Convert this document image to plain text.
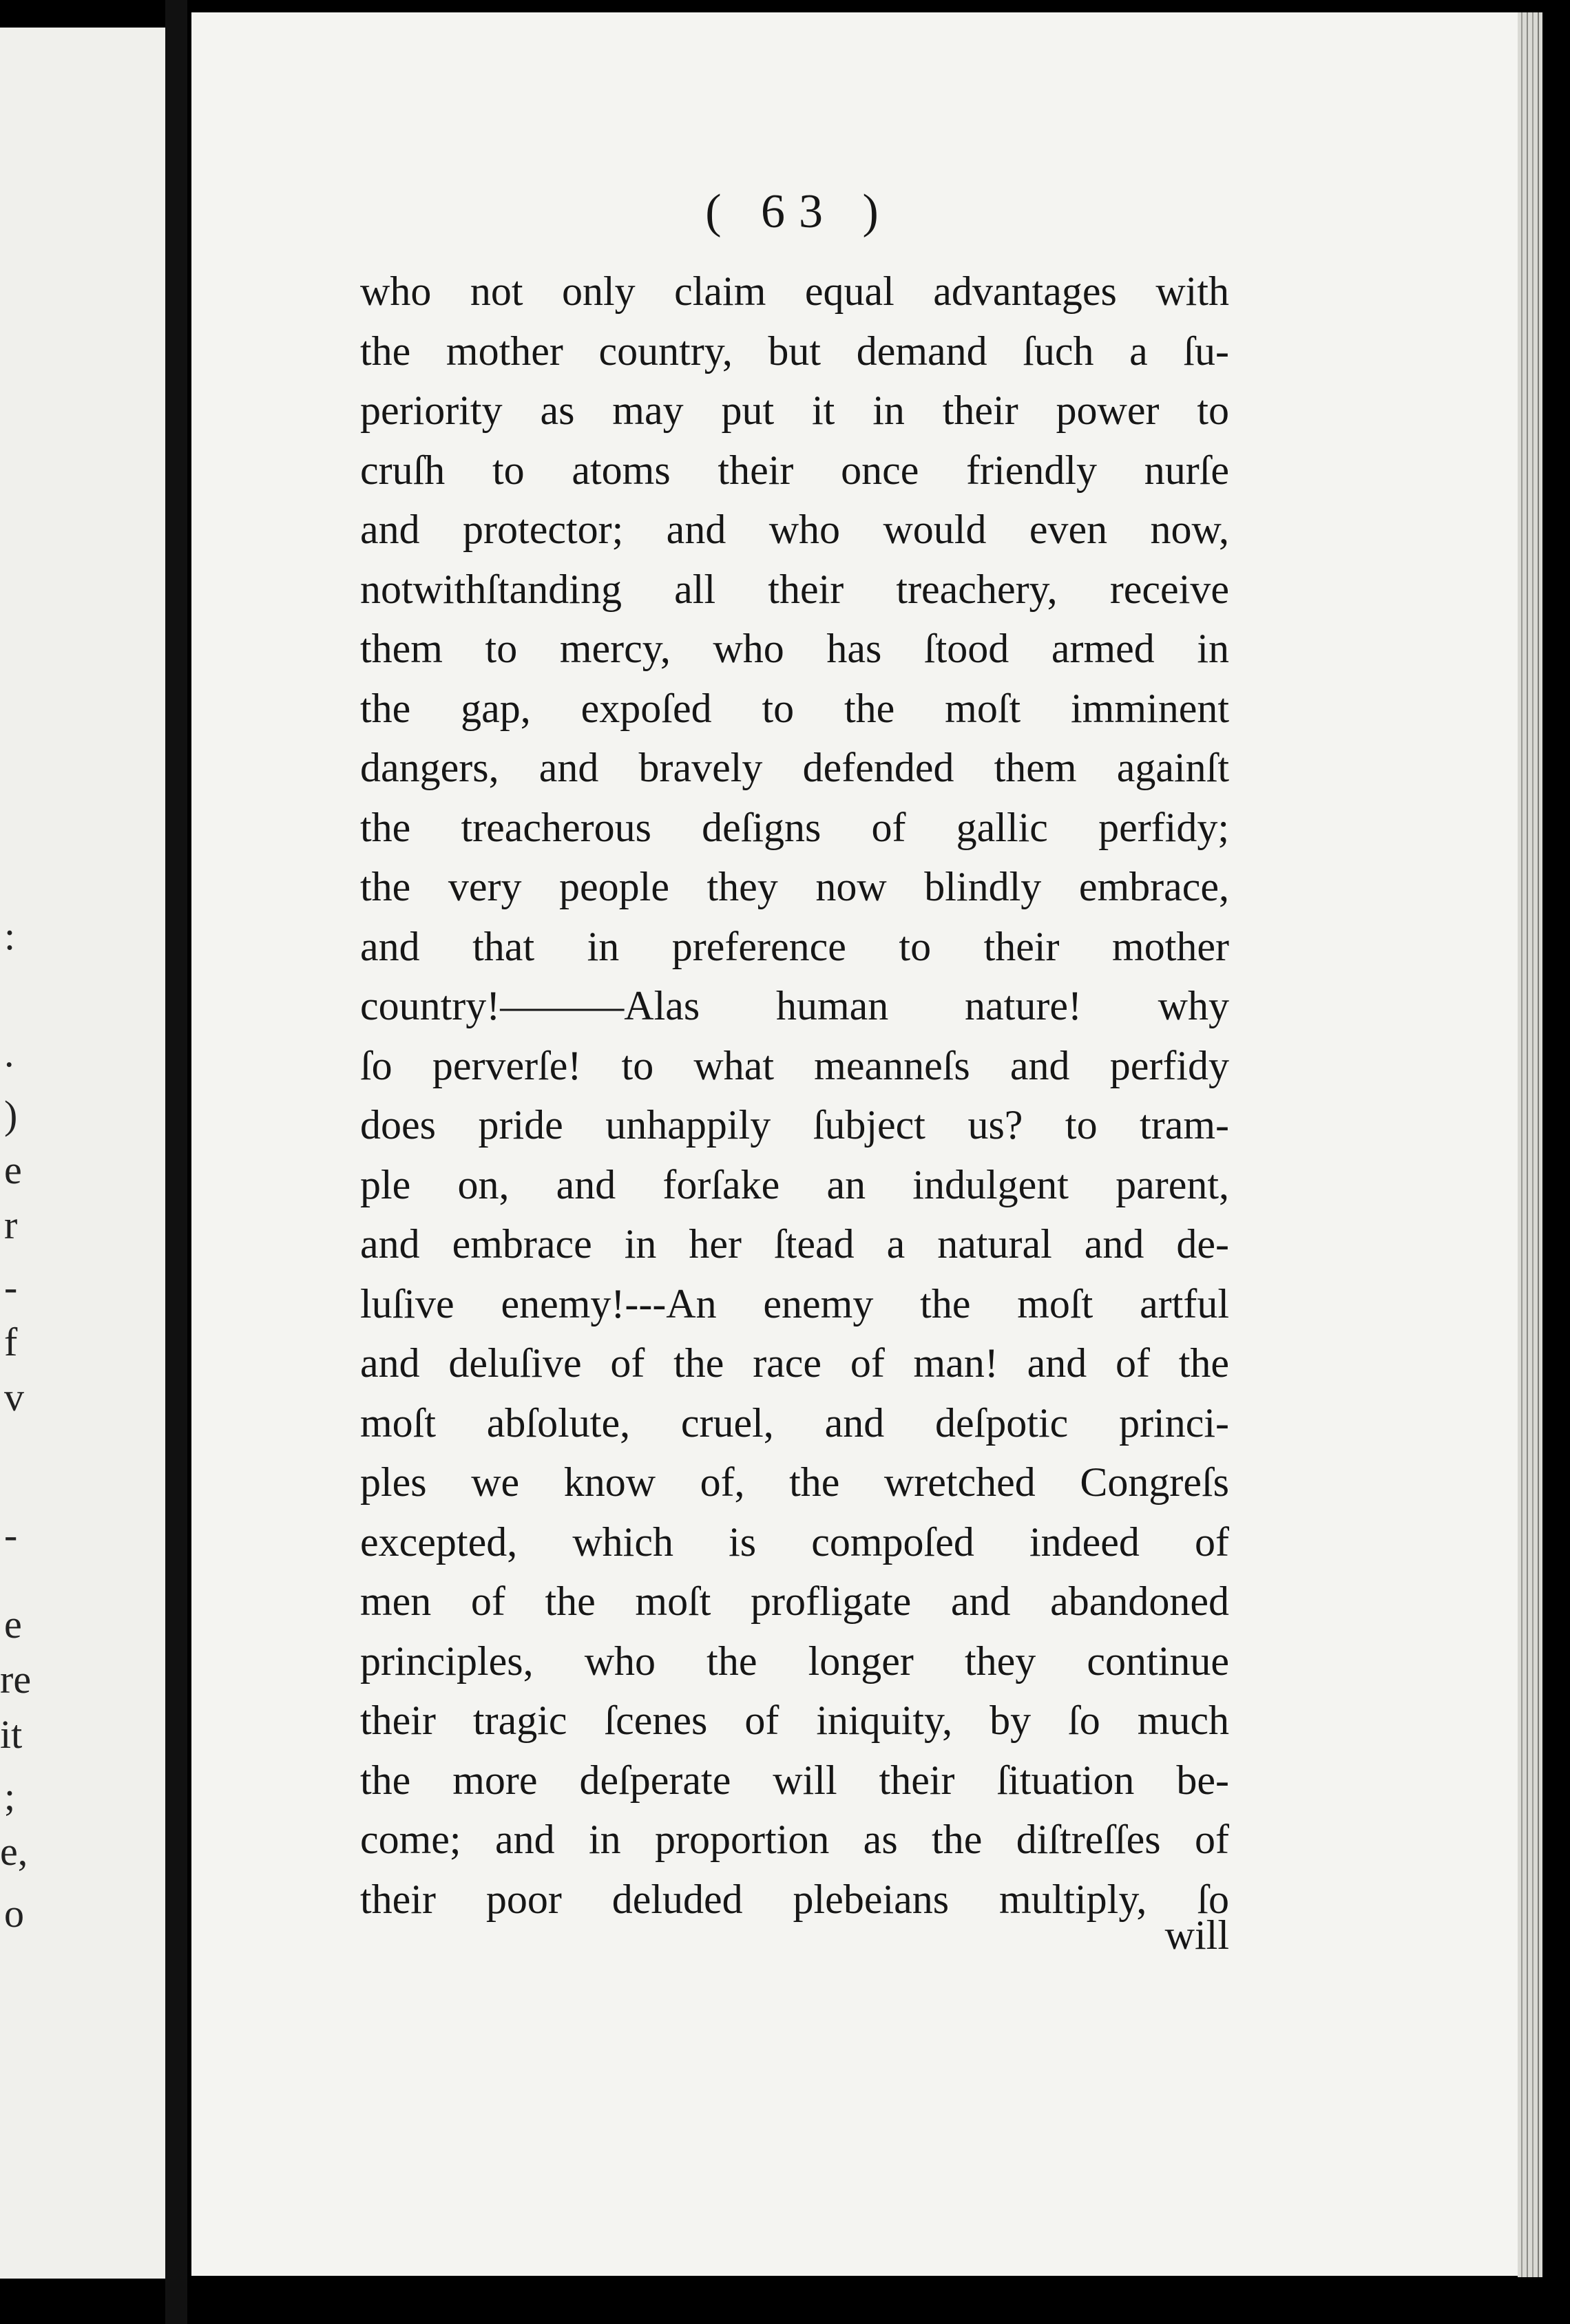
:
.
)
e
r
-
f
v
-
e
re
it
;
e,
o
( 63 )
who not only claim equal advantages with
the mother country, but demand ſuch a ſu-
periority as may put it in their power to
cruſh to atoms their once friendly nurſe
and protector; and who would even now,
notwithſtanding all their treachery, receive
them to mercy, who has ſtood armed in
the gap, expoſed to the moſt imminent
dangers, and bravely defended them againſt
the treacherous deſigns of gallic perfidy;
the very people they now blindly embrace,
and that in preference to their mother
country!———Alas human nature! why
ſo perverſe! to what meanneſs and perfidy
does pride unhappily ſubject us? to tram-
ple on, and forſake an indulgent parent,
and embrace in her ſtead a natural and de-
luſive enemy!---An enemy the moſt artful
and deluſive of the race of man! and of the
moſt abſolute, cruel, and deſpotic princi-
ples we know of, the wretched Congreſs
excepted, which is compoſed indeed of
men of the moſt profligate and abandoned
principles, who the longer they continue
their tragic ſcenes of iniquity, by ſo much
the more deſperate will their ſituation be-
come; and in proportion as the diſtreſſes of
their poor deluded plebeians multiply, ſo
will
